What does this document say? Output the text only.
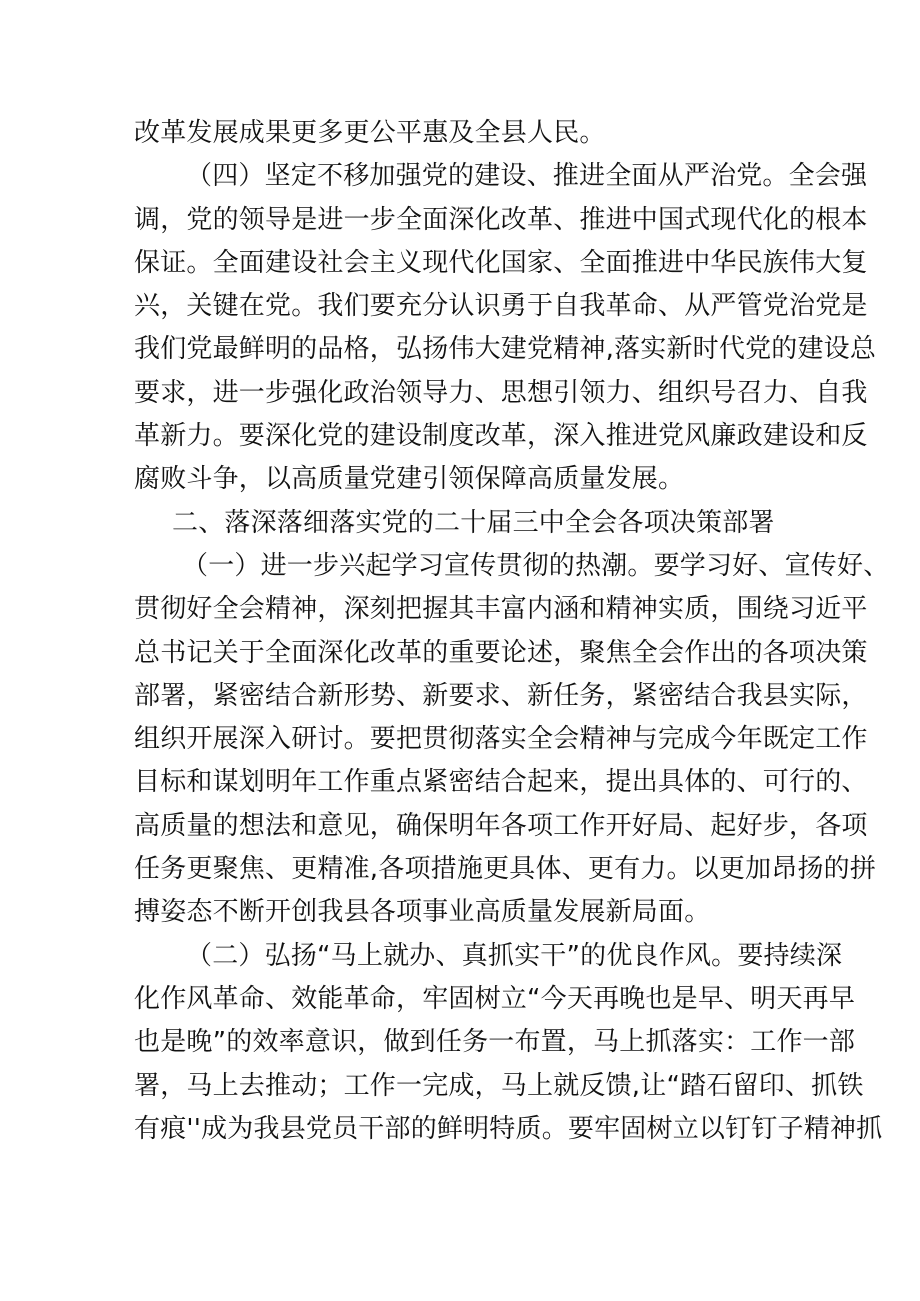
改革发展成果更多更公平惠及全县人民。
（四）坚定不移加强党的建设、推进全面从严治党。全会强
调，党的领导是进一步全面深化改革、推进中国式现代化的根本
保证。全面建设社会主义现代化国家、全面推进中华民族伟大复
兴，关键在党。我们要充分认识勇于自我革命、从严管党治党是
我们党最鲜明的品格，弘扬伟大建党精神,落实新时代党的建设总
要求，进一步强化政治领导力、思想引领力、组织号召力、自我
革新力。要深化党的建设制度改革，深入推进党风廉政建设和反
腐败斗争，以高质量党建引领保障高质量发展。
二、落深落细落实党的二十届三中全会各项决策部署
（一）进一步兴起学习宣传贯彻的热潮。要学习好、宣传好、
贯彻好全会精神，深刻把握其丰富内涵和精神实质，围绕习近平
总书记关于全面深化改革的重要论述，聚焦全会作出的各项决策
部署，紧密结合新形势、新要求、新任务，紧密结合我县实际，
组织开展深入研讨。要把贯彻落实全会精神与完成今年既定工作
目标和谋划明年工作重点紧密结合起来，提出具体的、可行的、
高质量的想法和意见，确保明年各项工作开好局、起好步，各项
任务更聚焦、更精准,各项措施更具体、更有力。以更加昂扬的拼
搏姿态不断开创我县各项事业高质量发展新局面。
（二）弘扬“马上就办、真抓实干”的优良作风。要持续深
化作风革命、效能革命，牢固树立“今天再晚也是早、明天再早
也是晚”的效率意识，做到任务一布置，马上抓落实：工作一部
署，马上去推动；工作一完成，马上就反馈,让“踏石留印、抓铁
有痕''成为我县党员干部的鲜明特质。要牢固树立以钉钉子精神抓
